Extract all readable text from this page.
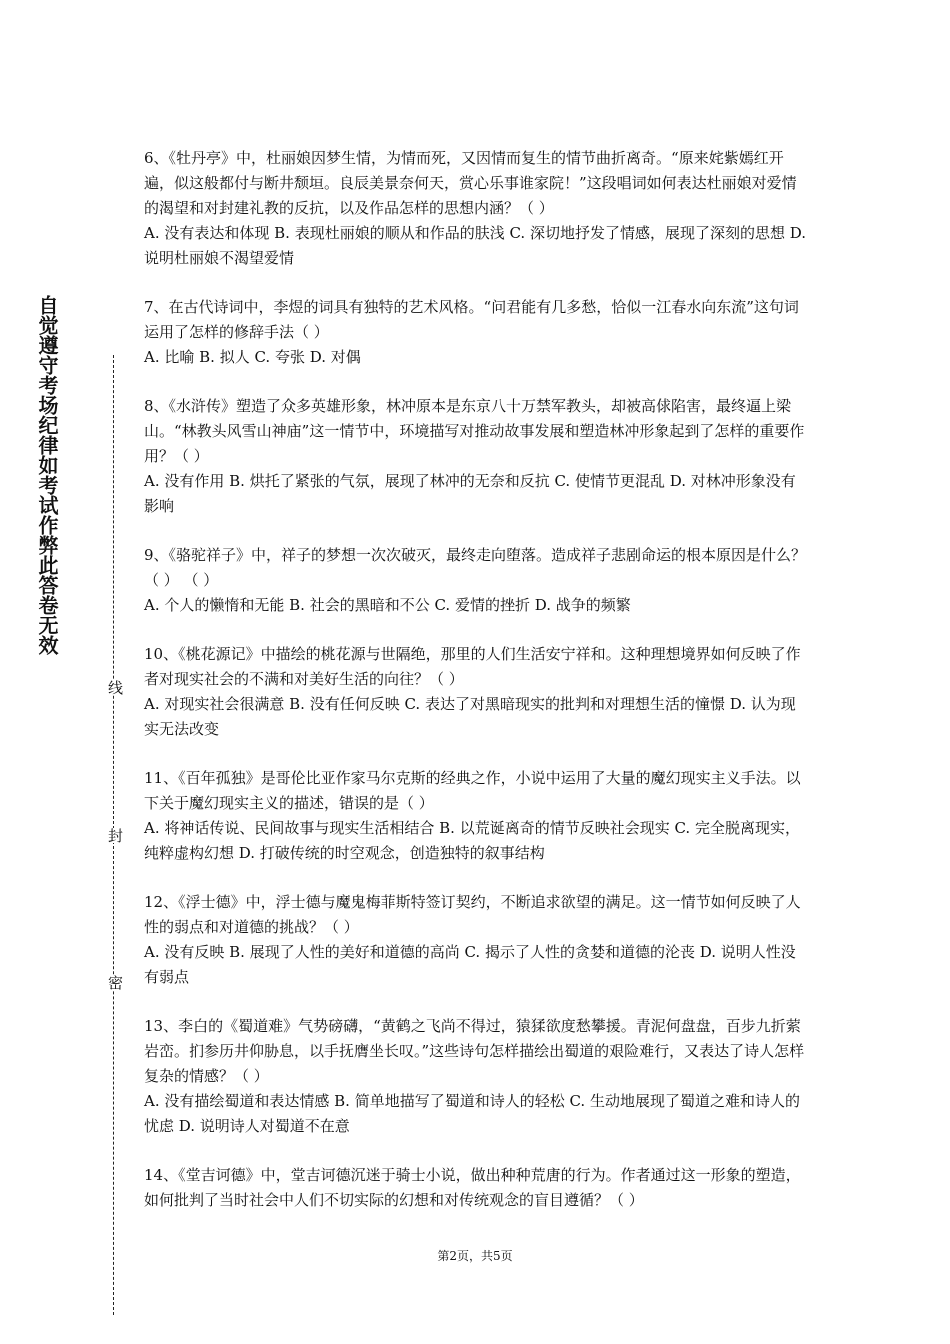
自觉遵守考场纪律如考试作弊此答卷无效
线
封
密

6、《牡丹亭》中，杜丽娘因梦生情，为情而死，又因情而复生的情节曲折离奇。“原来姹紫嫣红开遍，似这般都付与断井颓垣。良辰美景奈何天，赏心乐事谁家院！”这段唱词如何表达杜丽娘对爱情的渴望和对封建礼教的反抗，以及作品怎样的思想内涵？（ ）

A. 没有表达和体现 B. 表现杜丽娘的顺从和作品的肤浅 C. 深切地抒发了情感，展现了深刻的思想 D. 说明杜丽娘不渴望爱情

7、在古代诗词中，李煜的词具有独特的艺术风格。“问君能有几多愁，恰似一江春水向东流”这句词运用了怎样的修辞手法（ ）

A. 比喻 B. 拟人 C. 夸张 D. 对偶

8、《水浒传》塑造了众多英雄形象，林冲原本是东京八十万禁军教头，却被高俅陷害，最终逼上梁山。“林教头风雪山神庙”这一情节中，环境描写对推动故事发展和塑造林冲形象起到了怎样的重要作用？（ ）

A. 没有作用 B. 烘托了紧张的气氛，展现了林冲的无奈和反抗 C. 使情节更混乱 D. 对林冲形象没有影响

9、《骆驼祥子》中，祥子的梦想一次次破灭，最终走向堕落。造成祥子悲剧命运的根本原因是什么？（ ） （ ）

A. 个人的懒惰和无能 B. 社会的黑暗和不公 C. 爱情的挫折 D. 战争的频繁

10、《桃花源记》中描绘的桃花源与世隔绝，那里的人们生活安宁祥和。这种理想境界如何反映了作者对现实社会的不满和对美好生活的向往？（ ）

A. 对现实社会很满意 B. 没有任何反映 C. 表达了对黑暗现实的批判和对理想生活的憧憬 D. 认为现实无法改变

11、《百年孤独》是哥伦比亚作家马尔克斯的经典之作，小说中运用了大量的魔幻现实主义手法。以下关于魔幻现实主义的描述，错误的是（ ）

A. 将神话传说、民间故事与现实生活相结合 B. 以荒诞离奇的情节反映社会现实 C. 完全脱离现实，纯粹虚构幻想 D. 打破传统的时空观念，创造独特的叙事结构

12、《浮士德》中，浮士德与魔鬼梅菲斯特签订契约，不断追求欲望的满足。这一情节如何反映了人性的弱点和对道德的挑战？（ ）

A. 没有反映 B. 展现了人性的美好和道德的高尚 C. 揭示了人性的贪婪和道德的沦丧 D. 说明人性没有弱点

13、李白的《蜀道难》气势磅礴，“黄鹤之飞尚不得过，猿猱欲度愁攀援。青泥何盘盘，百步九折萦岩峦。扪参历井仰胁息，以手抚膺坐长叹。”这些诗句怎样描绘出蜀道的艰险难行，又表达了诗人怎样复杂的情感？（ ）

A. 没有描绘蜀道和表达情感 B. 简单地描写了蜀道和诗人的轻松 C. 生动地展现了蜀道之难和诗人的忧虑 D. 说明诗人对蜀道不在意

14、《堂吉诃德》中，堂吉诃德沉迷于骑士小说，做出种种荒唐的行为。作者通过这一形象的塑造，如何批判了当时社会中人们不切实际的幻想和对传统观念的盲目遵循？（ ）

第2页，共5页
